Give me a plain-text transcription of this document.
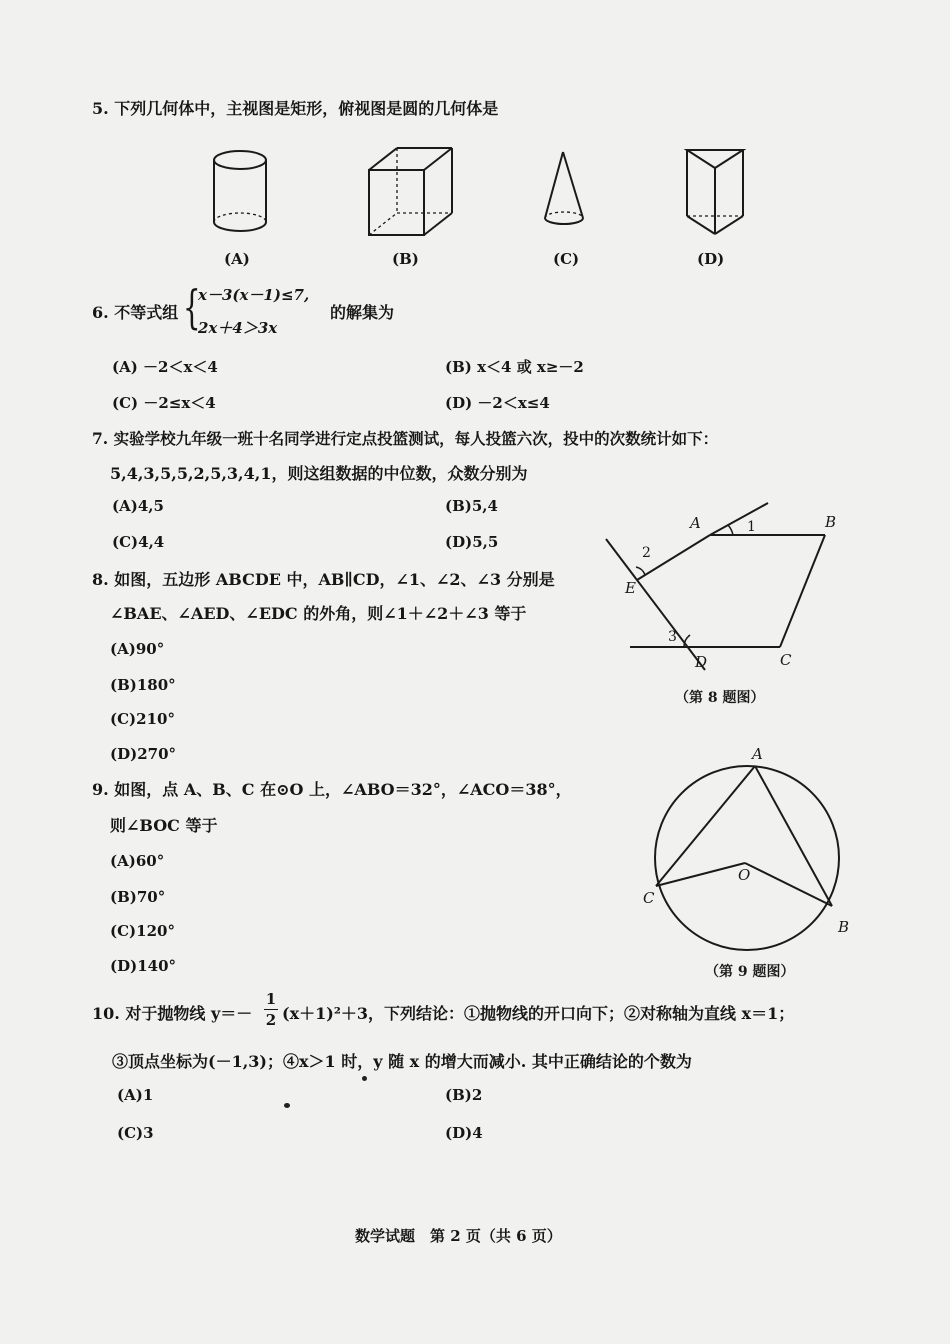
5. 下列几何体中，主视图是矩形，俯视图是圆的几何体是
(A)	(B)	(C)	(D)
6. 不等式组 {
x－3(x－1)≤7,
2x＋4＞3x
的解集为
(A) －2＜x＜4	(B) x＜4 或 x≥－2
(C) －2≤x＜4	(D) －2＜x≤4
7. 实验学校九年级一班十名同学进行定点投篮测试，每人投篮六次，投中的次数统计如下：
5,4,3,5,5,2,5,3,4,1，则这组数据的中位数，众数分别为
(A)4,5	(B)5,4
(C)4,4	(D)5,5
8. 如图，五边形 ABCDE 中，AB∥CD，∠1、∠2、∠3 分别是
∠BAE、∠AED、∠EDC 的外角，则∠1＋∠2＋∠3 等于
(A)90°
(B)180°
(C)210°
(D)270°
A	B
C
D
E
1
2
3
（第 8 题图）
9. 如图，点 A、B、C 在⊙O 上，∠ABO＝32°，∠ACO＝38°，
则∠BOC 等于
(A)60°
(B)70°
(C)120°
(D)140°
A
O
B
C
（第 9 题图）
10. 对于抛物线 y＝－
1
2 (x＋1)²＋3，下列结论：①抛物线的开口向下；②对称轴为直线 x＝1；
③顶点坐标为(－1,3)；④x＞1 时，y 随 x 的增大而减小. 其中正确结论的个数为
(A)1	(B)2
(C)3	(D)4
数学试题　第 2 页（共 6 页）
